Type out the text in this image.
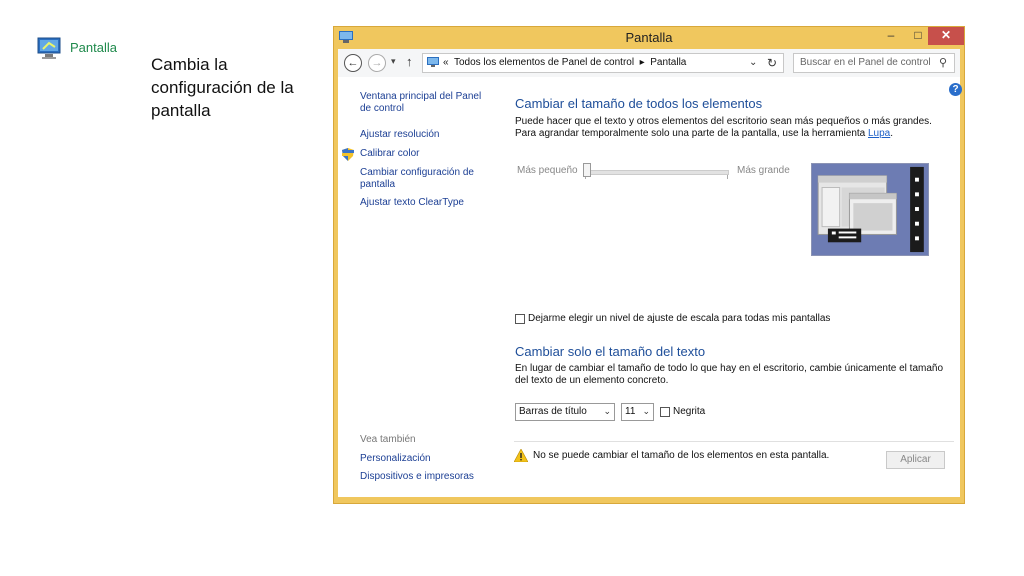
Pantalla
Cambia la configuración de la pantalla
Pantalla	–	□	✕
←	→ ▾ ↑	« Todos los elementos de Panel de control ▸ Pantalla	⌄ ↻ Buscar en el Panel de control ⚲
?
Ventana principal del Panel de control
Ajustar resolución
Calibrar color
Cambiar configuración de pantalla
Ajustar texto ClearType
Vea también
Personalización
Dispositivos e impresoras
Cambiar el tamaño de todos los elementos
Puede hacer que el texto y otros elementos del escritorio sean más pequeños o más grandes. Para agrandar temporalmente solo una parte de la pantalla, use la herramienta Lupa.
Más pequeño	Más grande
Dejarme elegir un nivel de ajuste de escala para todas mis pantallas
Cambiar solo el tamaño del texto
En lugar de cambiar el tamaño de todo lo que hay en el escritorio, cambie únicamente el tamaño del texto de un elemento concreto.
Barras de título ⌄	11 ⌄ Negrita
No se puede cambiar el tamaño de los elementos en esta pantalla.	Aplicar
